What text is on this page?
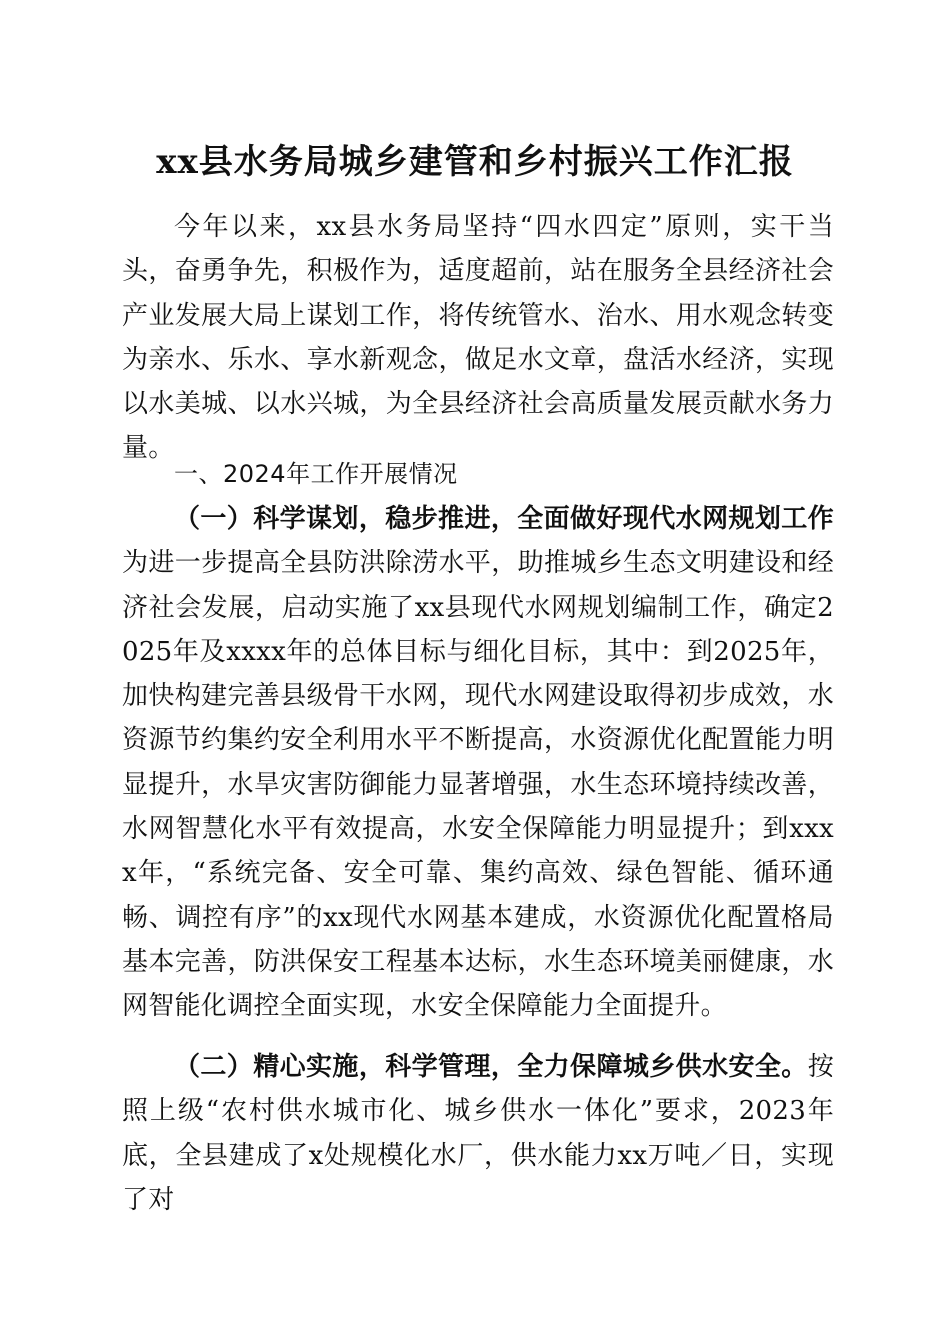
xx县水务局城乡建管和乡村振兴工作汇报

今年以来，xx县水务局坚持“四水四定”原则，实干当头，奋勇争先，积极作为，适度超前，站在服务全县经济社会产业发展大局上谋划工作，将传统管水、治水、用水观念转变为亲水、乐水、享水新观念，做足水文章，盘活水经济，实现以水美城、以水兴城，为全县经济社会高质量发展贡献水务力量。

一、2024年工作开展情况

（一）科学谋划，稳步推进，全面做好现代水网规划工作为进一步提高全县防洪除涝水平，助推城乡生态文明建设和经济社会发展，启动实施了xx县现代水网规划编制工作，确定2025年及xxxx年的总体目标与细化目标，其中：到2025年，加快构建完善县级骨干水网，现代水网建设取得初步成效，水资源节约集约安全利用水平不断提高，水资源优化配置能力明显提升，水旱灾害防御能力显著增强，水生态环境持续改善，水网智慧化水平有效提高，水安全保障能力明显提升；到xxxx年，“系统完备、安全可靠、集约高效、绿色智能、循环通畅、调控有序”的xx现代水网基本建成，水资源优化配置格局基本完善，防洪保安工程基本达标，水生态环境美丽健康，水网智能化调控全面实现，水安全保障能力全面提升。

（二）精心实施，科学管理，全力保障城乡供水安全。按照上级“农村供水城市化、城乡供水一体化”要求，2023年底，全县建成了x处规模化水厂，供水能力xx万吨／日，实现了对
